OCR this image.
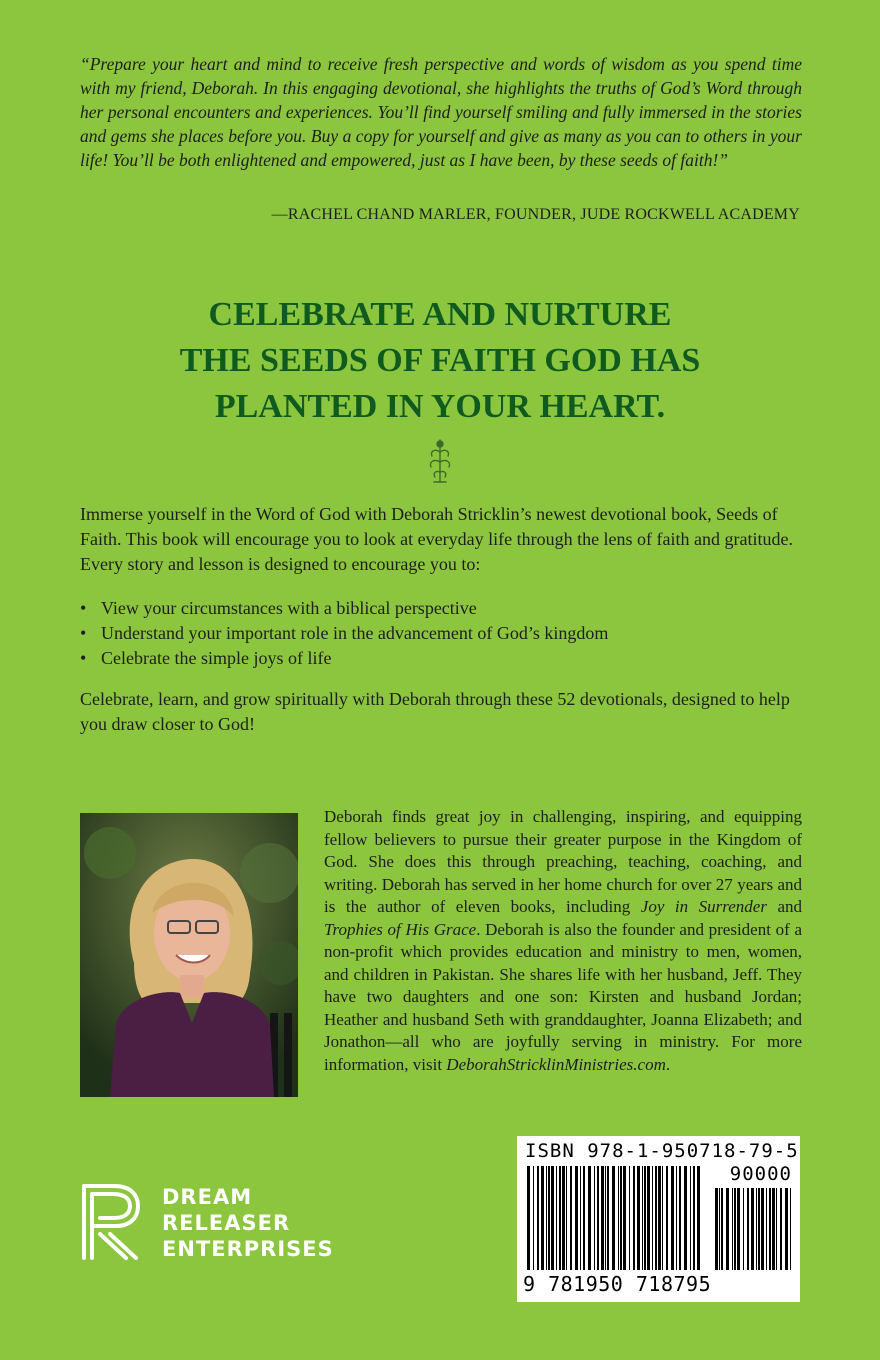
“Prepare your heart and mind to receive fresh perspective and words of wisdom as you spend time with my friend, Deborah. In this engaging devotional, she highlights the truths of God’s Word through her personal encounters and experiences. You’ll find yourself smiling and fully immersed in the stories and gems she places before you. Buy a copy for yourself and give as many as you can to others in your life! You’ll be both enlightened and empowered, just as I have been, by these seeds of faith!”
—RACHEL CHAND MARLER, FOUNDER, JUDE ROCKWELL ACADEMY
CELEBRATE AND NURTURE
THE SEEDS OF FAITH GOD HAS
PLANTED IN YOUR HEART.
Immerse yourself in the Word of God with Deborah Stricklin’s newest devotional book, Seeds of Faith. This book will encourage you to look at everyday life through the lens of faith and gratitude. Every story and lesson is designed to encourage you to:
• View your circumstances with a biblical perspective
• Understand your important role in the advancement of God’s kingdom
• Celebrate the simple joys of life
Celebrate, learn, and grow spiritually with Deborah through these 52 devotionals, designed to help you draw closer to God!
Deborah finds great joy in challenging, inspiring, and equipping fellow believers to pursue their greater purpose in the Kingdom of God. She does this through preaching, teaching, coaching, and writing. Deborah has served in her home church for over 27 years and is the author of eleven books, including Joy in Surrender and Trophies of His Grace. Deborah is also the founder and president of a non-profit which provides education and ministry to men, women, and children in Pakistan. She shares life with her husband, Jeff. They have two daughters and one son: Kirsten and husband Jordan; Heather and husband Seth with granddaughter, Joanna Elizabeth; and Jonathon—all who are joyfully serving in ministry. For more information, visit DeborahStricklinMinistries.com.
DREAM
RELEASER
ENTERPRISES
ISBN 978-1-950718-79-5
90000
9 781950 718795
